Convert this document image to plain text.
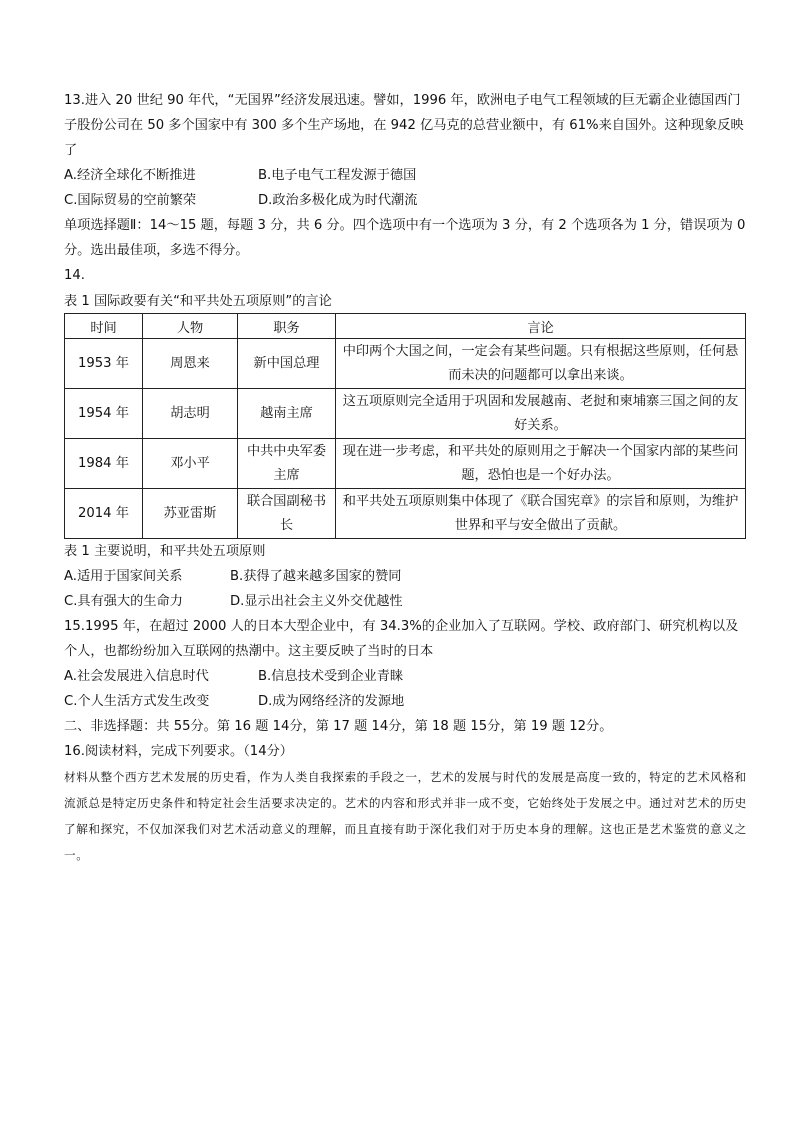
13.进入 20 世纪 90 年代，“无国界”经济发展迅速。譬如，1996 年，欧洲电子电气工程领域的巨无霸企业德国西门子股份公司在 50 多个国家中有 300 多个生产场地，在 942 亿马克的总营业额中，有 61%来自国外。这种现象反映了

A.经济全球化不断推进	B.电子电气工程发源于德国
C.国际贸易的空前繁荣	D.政治多极化成为时代潮流

单项选择题Ⅱ：14～15 题，每题 3 分，共 6 分。四个选项中有一个选项为 3 分，有 2 个选项各为 1 分，错误项为 0 分。选出最佳项，多选不得分。

14.

表 1 国际政要有关“和平共处五项原则”的言论
时间	人物	职务	言论
1953 年	周恩来	新中国总理	中印两个大国之间，一定会有某些问题。只有根据这些原则，任何悬而未决的问题都可以拿出来谈。

1954 年	胡志明	越南主席	这五项原则完全适用于巩固和发展越南、老挝和柬埔寨三国之间的友好关系。

1984 年	邓小平	中共中央军委主席	现在进一步考虑，和平共处的原则用之于解决一个国家内部的某些问题，恐怕也是一个好办法。

2014 年	苏亚雷斯	联合国副秘书长	和平共处五项原则集中体现了《联合国宪章》的宗旨和原则，为维护世界和平与安全做出了贡献。

表 1 主要说明，和平共处五项原则

A.适用于国家间关系	B.获得了越来越多国家的赞同
C.具有强大的生命力	D.显示出社会主义外交优越性

15.1995 年，在超过 2000 人的日本大型企业中，有 34.3%的企业加入了互联网。学校、政府部门、研究机构以及个人，也都纷纷加入互联网的热潮中。这主要反映了当时的日本

A.社会发展进入信息时代	B.信息技术受到企业青睐
C.个人生活方式发生改变	D.成为网络经济的发源地

二、非选择题：共 55分。第 16 题 14分，第 17 题 14分，第 18 题 15分，第 19 题 12分。

16.阅读材料，完成下列要求。（14分）

材料从整个西方艺术发展的历史看，作为人类自我探索的手段之一，艺术的发展与时代的发展是高度一致的，特定的艺术风格和流派总是特定历史条件和特定社会生活要求决定的。艺术的内容和形式并非一成不变，它始终处于发展之中。通过对艺术的历史了解和探究，不仅加深我们对艺术活动意义的理解，而且直接有助于深化我们对于历史本身的理解。这也正是艺术鉴赏的意义之一。
